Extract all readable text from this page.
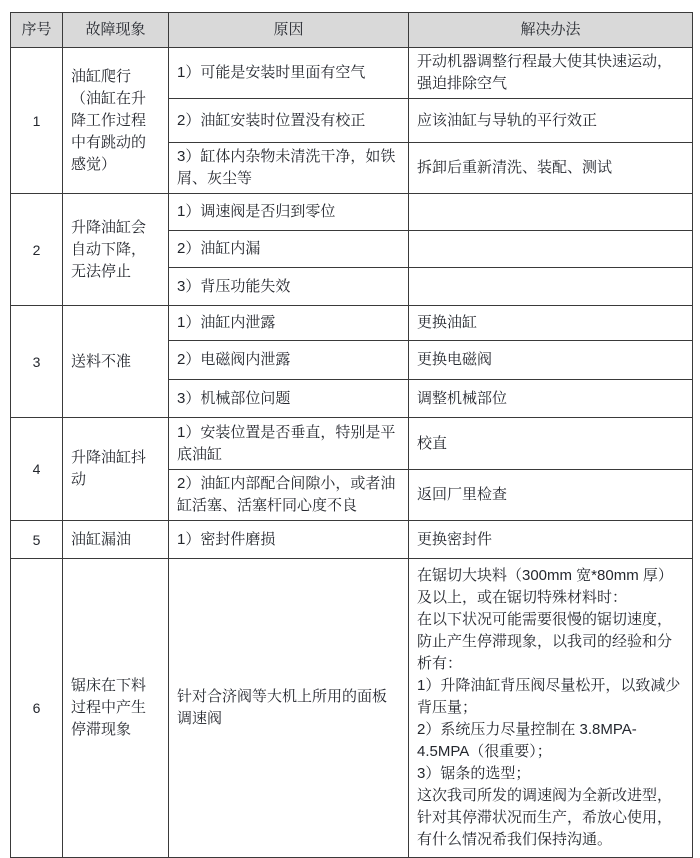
序号	故障现象	原因	解决办法
1	油缸爬行（油缸在升降工作过程中有跳动的感觉）	1）可能是安装时里面有空气	开动机器调整行程最大使其快速运动，强迫排除空气
		2）油缸安装时位置没有校正	应该油缸与导轨的平行效正
		3）缸体内杂物未清洗干净，如铁屑、灰尘等	拆卸后重新清洗、装配、测试
2	升降油缸会自动下降，无法停止	1）调速阀是否归到零位	
		2）油缸内漏	
		3）背压功能失效	
3	送料不准	1）油缸内泄露	更换油缸
		2）电磁阀内泄露	更换电磁阀
		3）机械部位问题	调整机械部位
4	升降油缸抖动	1）安装位置是否垂直，特别是平底油缸	校直
		2）油缸内部配合间隙小，或者油缸活塞、活塞杆同心度不良	返回厂里检查
5	油缸漏油	1）密封件磨损	更换密封件
6	锯床在下料过程中产生停滞现象	针对合济阀等大机上所用的面板调速阀	在锯切大块料（300mm 宽*80mm 厚）及以上，或在锯切特殊材料时：
在以下状况可能需要很慢的锯切速度，防止产生停滞现象，以我司的经验和分析有：
1）升降油缸背压阀尽量松开，以致减少背压量；
2）系统压力尽量控制在 3.8MPA-4.5MPA（很重要）；
3）锯条的选型；
这次我司所发的调速阀为全新改进型，针对其停滞状况而生产，希放心使用，有什么情况希我们保持沟通。
